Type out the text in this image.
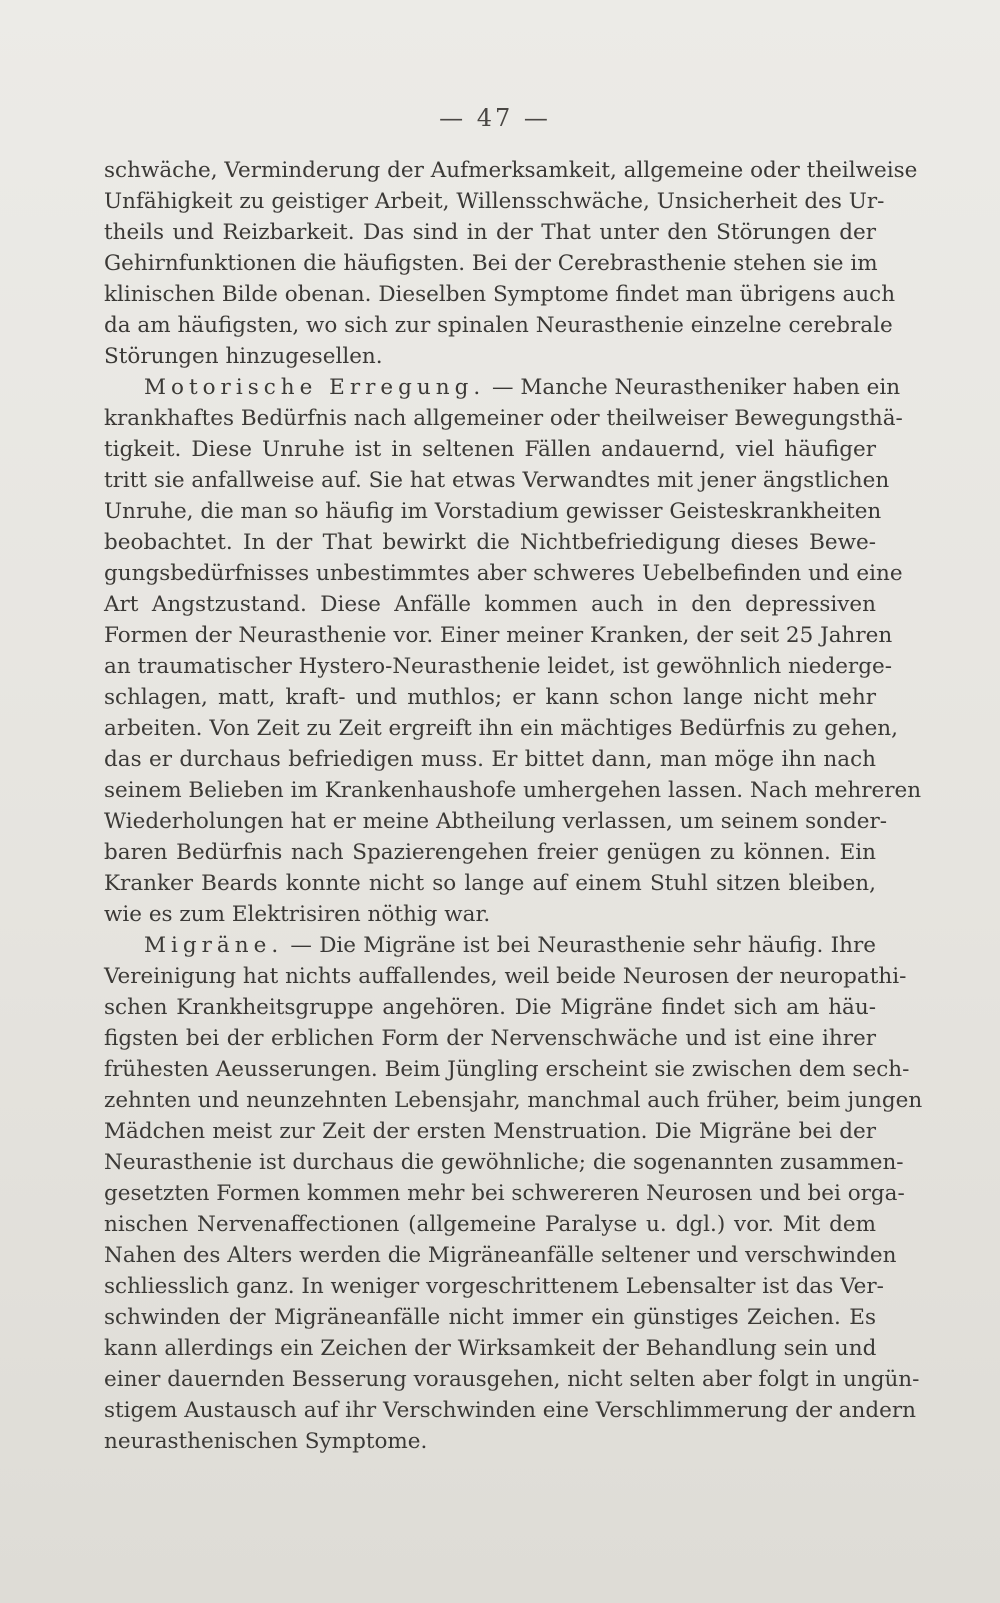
— 47 —
schwäche, Verminderung der Aufmerksamkeit, allgemeine oder theilweise
Unfähigkeit zu geistiger Arbeit, Willensschwäche, Unsicherheit des Ur-
theils und Reizbarkeit. Das sind in der That unter den Störungen der
Gehirnfunktionen die häufigsten. Bei der Cerebrasthenie stehen sie im
klinischen Bilde obenan. Dieselben Symptome findet man übrigens auch
da am häufigsten, wo sich zur spinalen Neurasthenie einzelne cerebrale
Störungen hinzugesellen.
Motorische Erregung. — Manche Neurastheniker haben ein
krankhaftes Bedürfnis nach allgemeiner oder theilweiser Bewegungsthä-
tigkeit. Diese Unruhe ist in seltenen Fällen andauernd, viel häufiger
tritt sie anfallweise auf. Sie hat etwas Verwandtes mit jener ängstlichen
Unruhe, die man so häufig im Vorstadium gewisser Geisteskrankheiten
beobachtet. In der That bewirkt die Nichtbefriedigung dieses Bewe-
gungsbedürfnisses unbestimmtes aber schweres Uebelbefinden und eine
Art Angstzustand. Diese Anfälle kommen auch in den depressiven
Formen der Neurasthenie vor. Einer meiner Kranken, der seit 25 Jahren
an traumatischer Hystero-Neurasthenie leidet, ist gewöhnlich niederge-
schlagen, matt, kraft- und muthlos; er kann schon lange nicht mehr
arbeiten. Von Zeit zu Zeit ergreift ihn ein mächtiges Bedürfnis zu gehen,
das er durchaus befriedigen muss. Er bittet dann, man möge ihn nach
seinem Belieben im Krankenhaushofe umhergehen lassen. Nach mehreren
Wiederholungen hat er meine Abtheilung verlassen, um seinem sonder-
baren Bedürfnis nach Spazierengehen freier genügen zu können. Ein
Kranker Beards konnte nicht so lange auf einem Stuhl sitzen bleiben,
wie es zum Elektrisiren nöthig war.
Migräne. — Die Migräne ist bei Neurasthenie sehr häufig. Ihre
Vereinigung hat nichts auffallendes, weil beide Neurosen der neuropathi-
schen Krankheitsgruppe angehören. Die Migräne findet sich am häu-
figsten bei der erblichen Form der Nervenschwäche und ist eine ihrer
frühesten Aeusserungen. Beim Jüngling erscheint sie zwischen dem sech-
zehnten und neunzehnten Lebensjahr, manchmal auch früher, beim jungen
Mädchen meist zur Zeit der ersten Menstruation. Die Migräne bei der
Neurasthenie ist durchaus die gewöhnliche; die sogenannten zusammen-
gesetzten Formen kommen mehr bei schwereren Neurosen und bei orga-
nischen Nervenaffectionen (allgemeine Paralyse u. dgl.) vor. Mit dem
Nahen des Alters werden die Migräneanfälle seltener und verschwinden
schliesslich ganz. In weniger vorgeschrittenem Lebensalter ist das Ver-
schwinden der Migräneanfälle nicht immer ein günstiges Zeichen. Es
kann allerdings ein Zeichen der Wirksamkeit der Behandlung sein und
einer dauernden Besserung vorausgehen, nicht selten aber folgt in ungün-
stigem Austausch auf ihr Verschwinden eine Verschlimmerung der andern
neurasthenischen Symptome.
